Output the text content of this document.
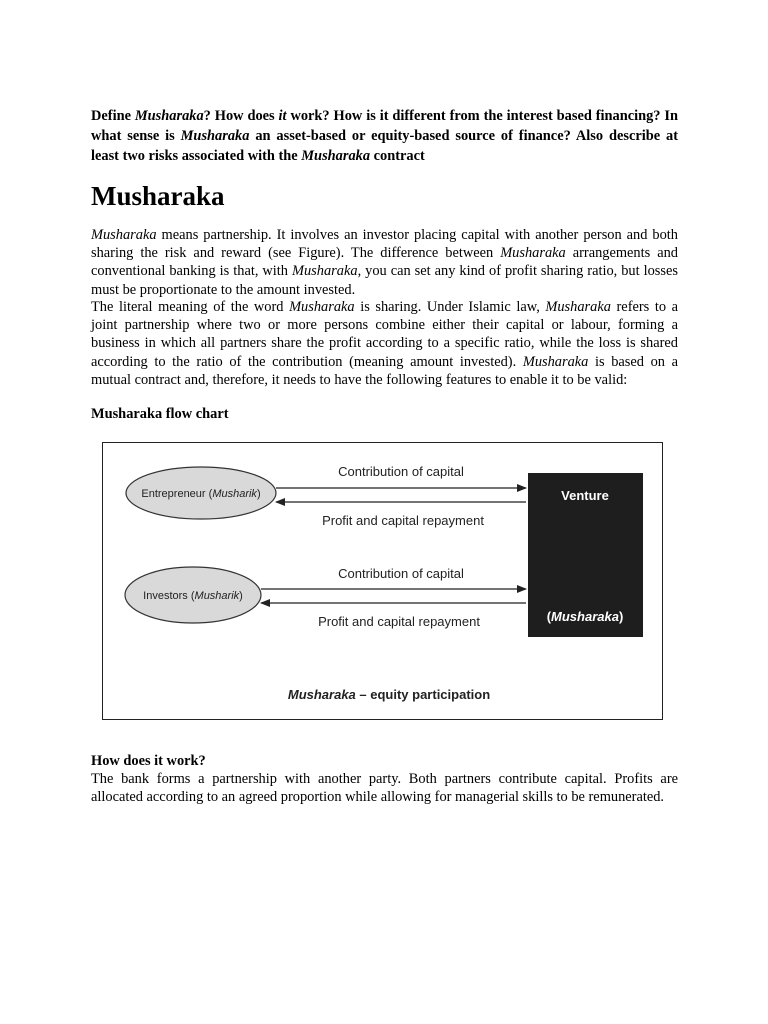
Define Musharaka? How does it work? How is it different from the interest based financing? In what sense is Musharaka an asset-based or equity-based source of finance? Also describe at least two risks associated with the Musharaka contract
Musharaka
Musharaka means partnership. It involves an investor placing capital with another person and both sharing the risk and reward (see Figure). The difference between Musharaka arrangements and conventional banking is that, with Musharaka, you can set any kind of profit sharing ratio, but losses must be proportionate to the amount invested.
The literal meaning of the word Musharaka is sharing. Under Islamic law, Musharaka refers to a joint partnership where two or more persons combine either their capital or labour, forming a business in which all partners share the profit according to a specific ratio, while the loss is shared according to the ratio of the contribution (meaning amount invested). Musharaka is based on a mutual contract and, therefore, it needs to have the following features to enable it to be valid:
Musharaka flow chart
How does it work?
The bank forms a partnership with another party. Both partners contribute capital. Profits are allocated according to an agreed proportion while allowing for managerial skills to be remunerated.
Entrepreneur (Musharik)
Investors (Musharik)
Contribution of capital
Profit and capital repayment
Contribution of capital
Profit and capital repayment
Venture
(Musharaka)
Musharaka – equity participation
